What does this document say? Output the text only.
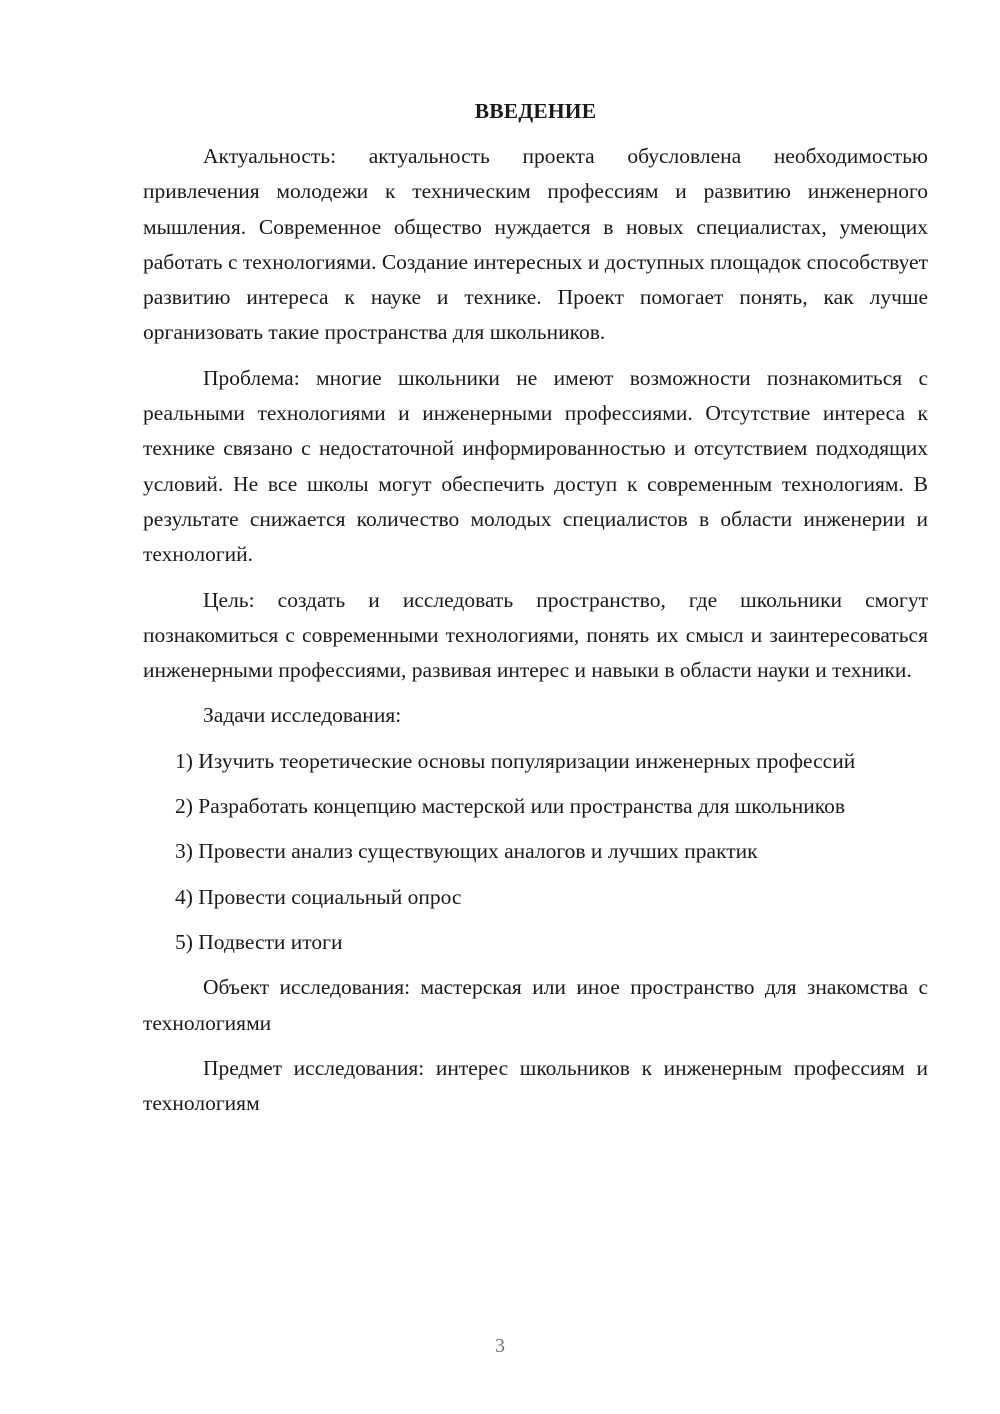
ВВЕДЕНИЕ

Актуальность: актуальность проекта обусловлена необходимостью привлечения молодежи к техническим профессиям и развитию инженерного мышления. Современное общество нуждается в новых специалистах, умеющих работать с технологиями. Создание интересных и доступных площадок способствует развитию интереса к науке и технике. Проект помогает понять, как лучше организовать такие пространства для школьников.

Проблема: многие школьники не имеют возможности познакомиться с реальными технологиями и инженерными профессиями. Отсутствие интереса к технике связано с недостаточной информированностью и отсутствием подходящих условий. Не все школы могут обеспечить доступ к современным технологиям. В результате снижается количество молодых специалистов в области инженерии и технологий.

Цель: создать и исследовать пространство, где школьники смогут познакомиться с современными технологиями, понять их смысл и заинтересоваться инженерными профессиями, развивая интерес и навыки в области науки и техники.

Задачи исследования:

1) Изучить теоретические основы популяризации инженерных профессий

2) Разработать концепцию мастерской или пространства для школьников

3) Провести анализ существующих аналогов и лучших практик

4) Провести социальный опрос

5) Подвести итоги

Объект исследования: мастерская или иное пространство для знакомства с технологиями

Предмет исследования: интерес школьников к инженерным профессиям и технологиям

3
